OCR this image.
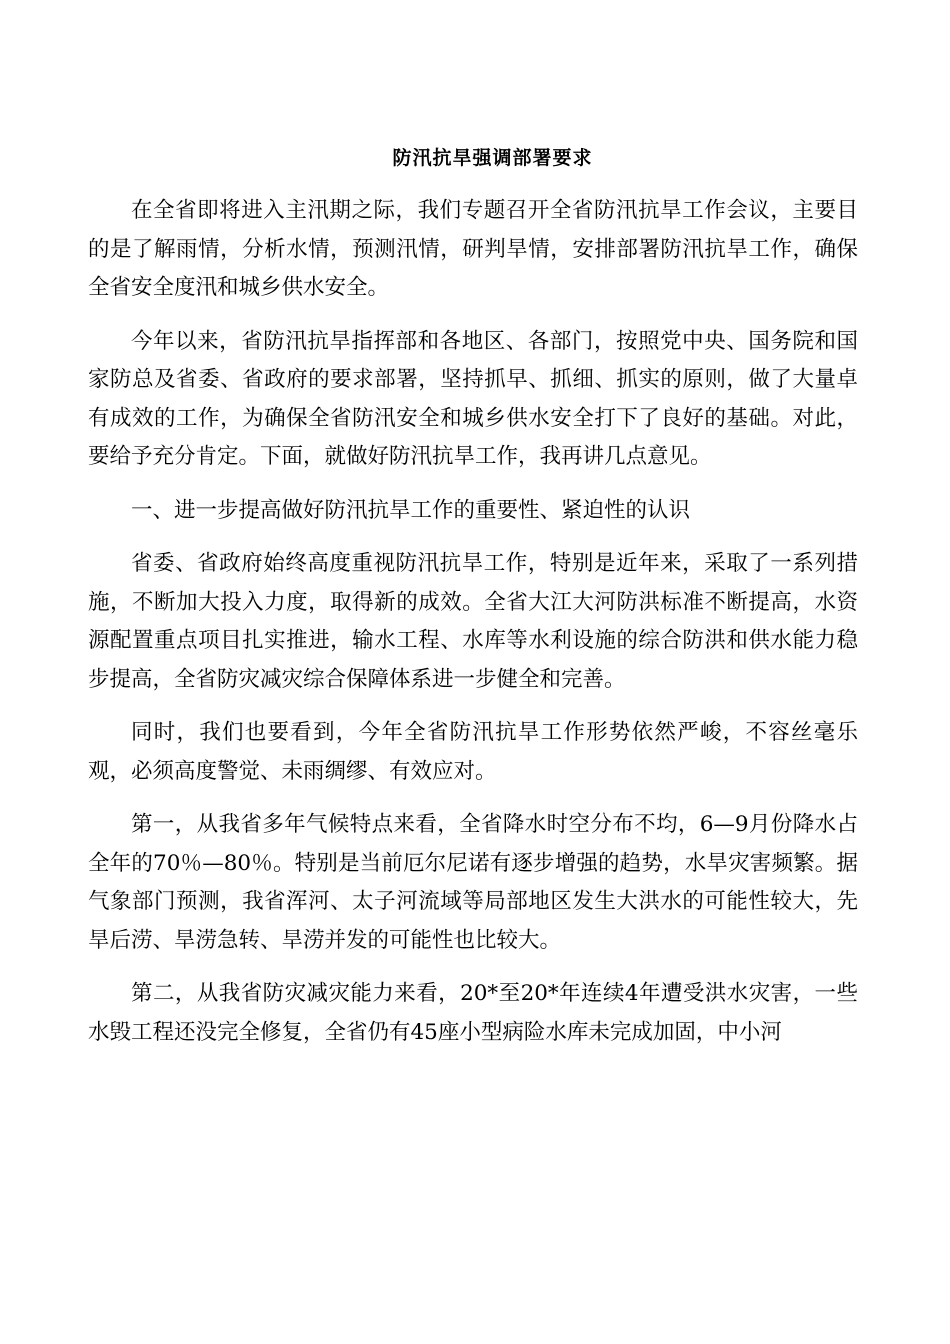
防汛抗旱强调部署要求

在全省即将进入主汛期之际，我们专题召开全省防汛抗旱工作会议，主要目的是了解雨情，分析水情，预测汛情，研判旱情，安排部署防汛抗旱工作，确保全省安全度汛和城乡供水安全。

今年以来，省防汛抗旱指挥部和各地区、各部门，按照党中央、国务院和国家防总及省委、省政府的要求部署，坚持抓早、抓细、抓实的原则，做了大量卓有成效的工作，为确保全省防汛安全和城乡供水安全打下了良好的基础。对此，要给予充分肯定。下面，就做好防汛抗旱工作，我再讲几点意见。

一、进一步提高做好防汛抗旱工作的重要性、紧迫性的认识

省委、省政府始终高度重视防汛抗旱工作，特别是近年来，采取了一系列措施，不断加大投入力度，取得新的成效。全省大江大河防洪标准不断提高，水资源配置重点项目扎实推进，输水工程、水库等水利设施的综合防洪和供水能力稳步提高，全省防灾减灾综合保障体系进一步健全和完善。

同时，我们也要看到，今年全省防汛抗旱工作形势依然严峻，不容丝毫乐观，必须高度警觉、未雨绸缪、有效应对。

第一，从我省多年气候特点来看，全省降水时空分布不均，6—9月份降水占全年的70％—80％。特别是当前厄尔尼诺有逐步增强的趋势，水旱灾害频繁。据气象部门预测，我省浑河、太子河流域等局部地区发生大洪水的可能性较大，先旱后涝、旱涝急转、旱涝并发的可能性也比较大。

第二，从我省防灾减灾能力来看，20*至20*年连续4年遭受洪水灾害，一些水毁工程还没完全修复，全省仍有45座小型病险水库未完成加固，中小河
